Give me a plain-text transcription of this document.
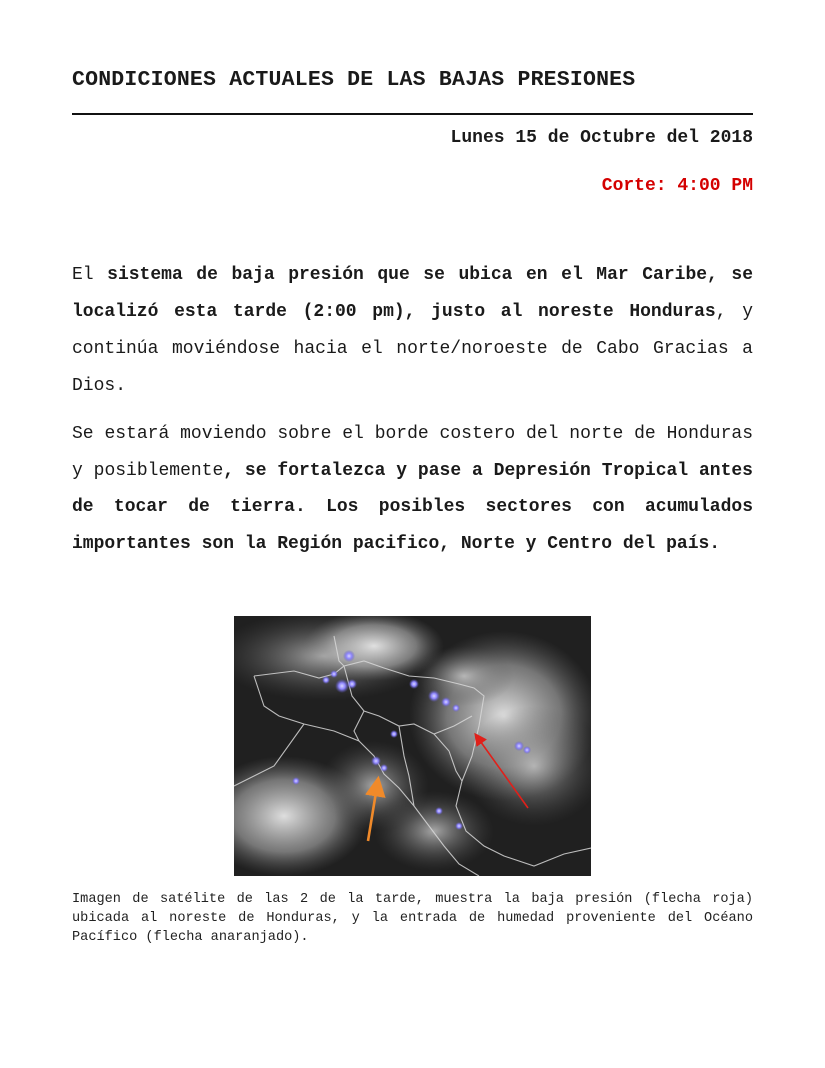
CONDICIONES ACTUALES DE LAS BAJAS PRESIONES
Lunes 15 de Octubre del 2018
Corte: 4:00 PM
El sistema de baja presión que se ubica en el Mar Caribe, se localizó esta tarde (2:00 pm), justo al noreste Honduras, y continúa moviéndose hacia el norte/noroeste de Cabo Gracias a Dios.
Se estará moviendo sobre el borde costero del norte de Honduras y posiblemente, se fortalezca y pase a Depresión Tropical antes de tocar de tierra. Los posibles sectores con acumulados importantes son la Región pacifico, Norte y Centro del país.
Imagen de satélite de las 2 de la tarde, muestra la baja presión (flecha roja) ubicada al noreste de Honduras, y la entrada de humedad proveniente del Océano Pacífico (flecha anaranjado).
